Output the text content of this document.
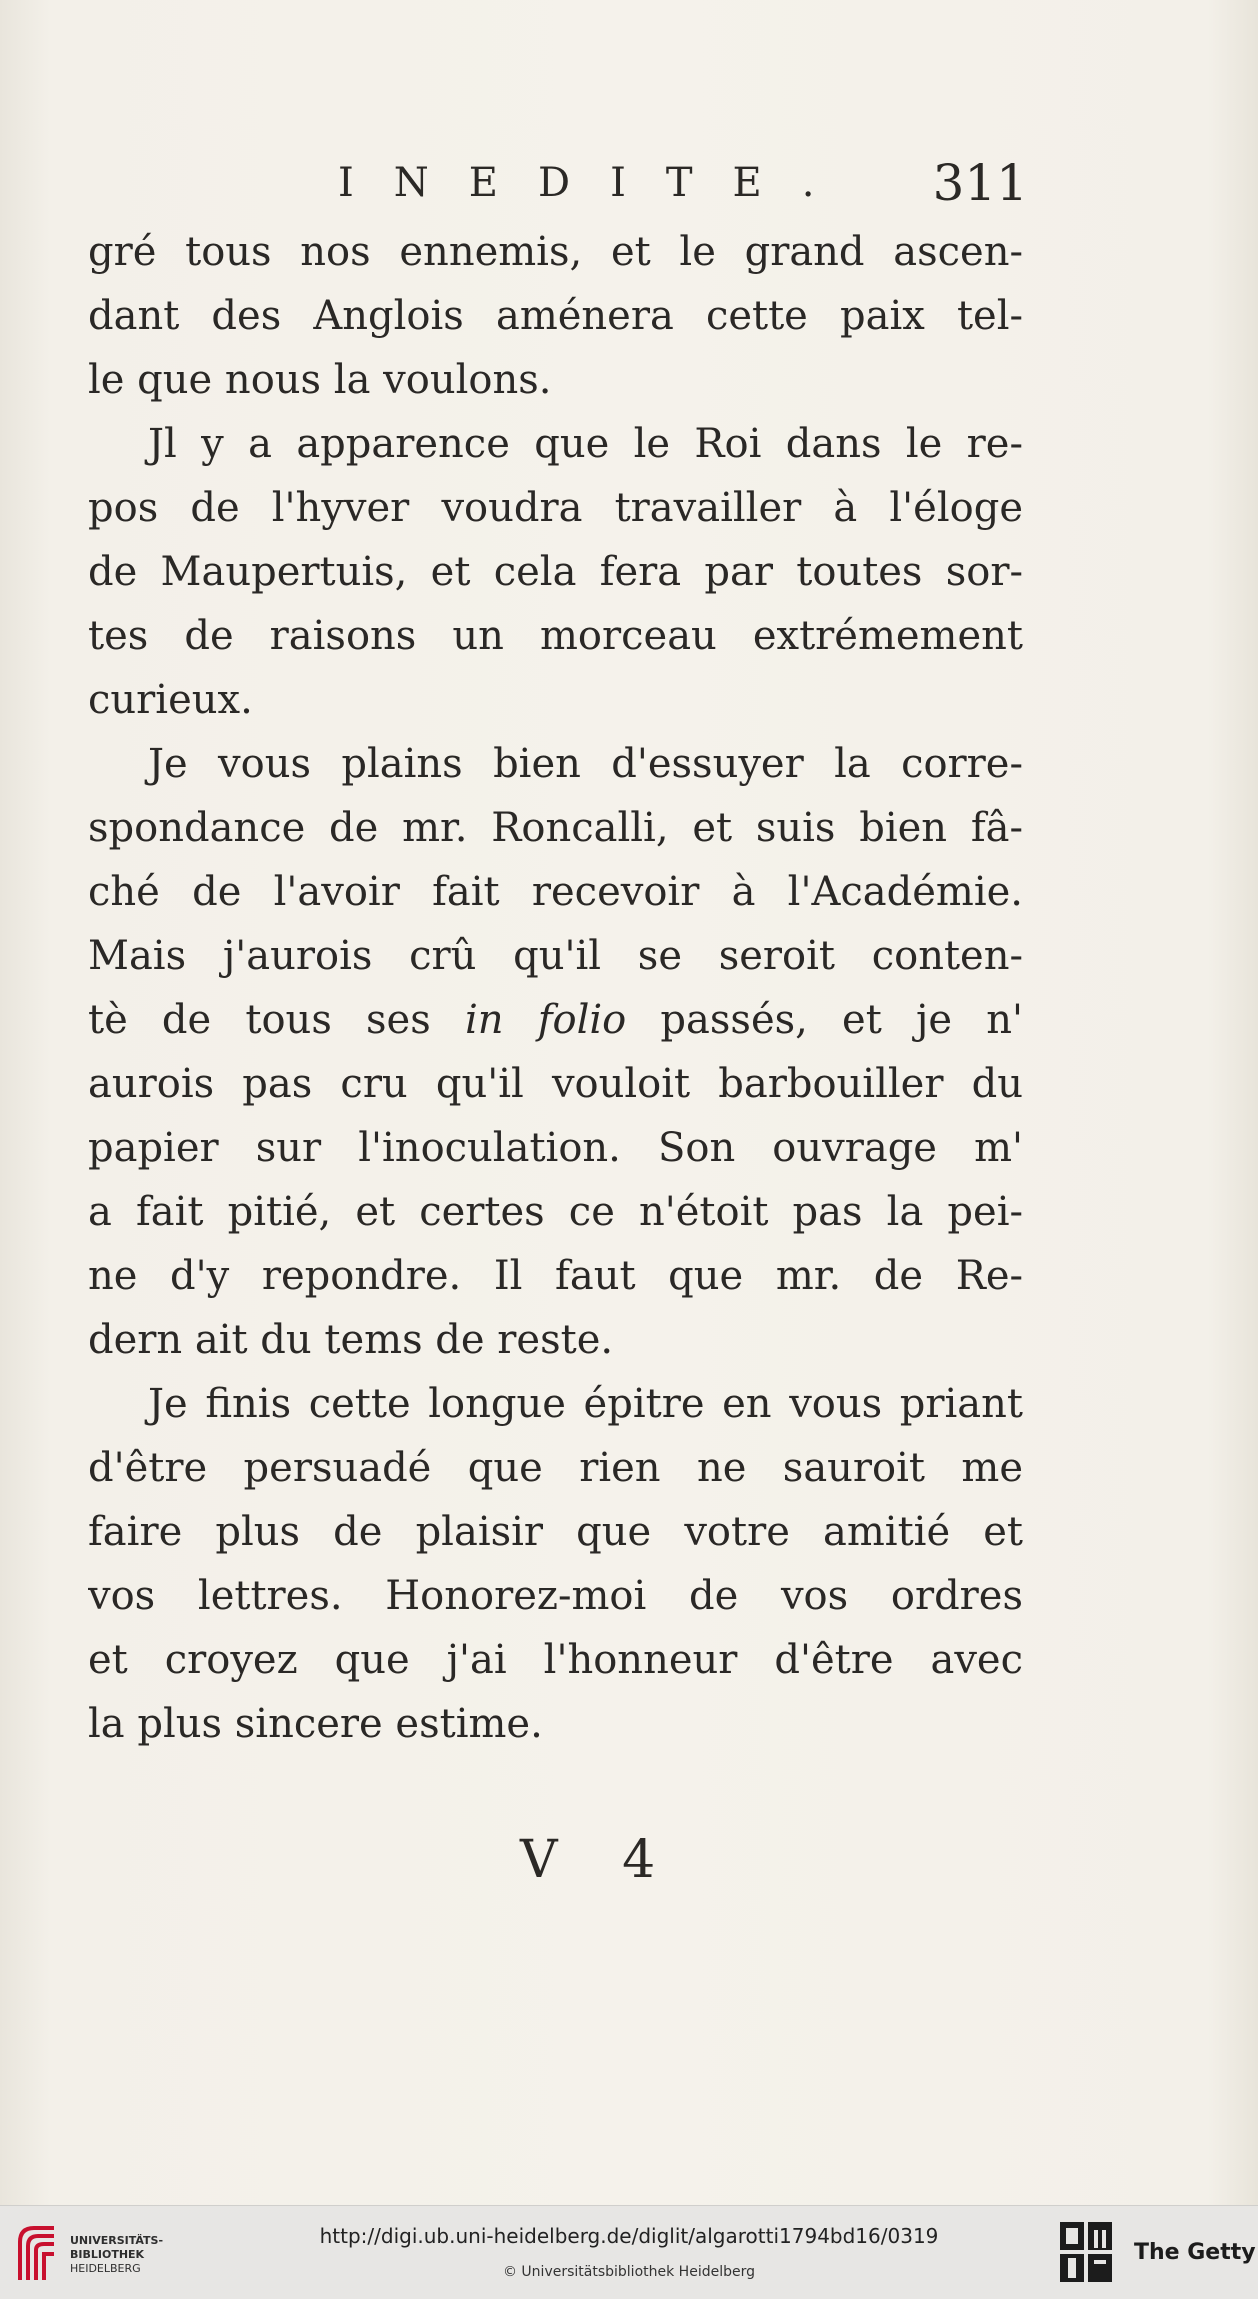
INEDITE. 311
gré tous nos ennemis, et le grand ascen-
dant des Anglois aménera cette paix tel-
le que nous la voulons.
Jl y a apparence que le Roi dans le re-
pos de l'hyver voudra travailler à l'éloge
de Maupertuis, et cela fera par toutes sor-
tes de raisons un morceau extrémement
curieux.
Je vous plains bien d'essuyer la corre-
spondance de mr. Roncalli, et suis bien fâ-
ché de l'avoir fait recevoir à l'Académie.
Mais j'aurois crû qu'il se seroit conten-
tè de tous ses in folio passés, et je n'
aurois pas cru qu'il vouloit barbouiller du
papier sur l'inoculation. Son ouvrage m'
a fait pitié, et certes ce n'étoit pas la pei-
ne d'y repondre. Il faut que mr. de Re-
dern ait du tems de reste.
Je finis cette longue épitre en vous priant
d'être persuadé que rien ne sauroit me
faire plus de plaisir que votre amitié et
vos lettres. Honorez-moi de vos ordres
et croyez que j'ai l'honneur d'être avec
la plus sincere estime.
V 4
UNIVERSITÄTS-
BIBLIOTHEK
HEIDELBERG
http://digi.ub.uni-heidelberg.de/diglit/algarotti1794bd16/0319
© Universitätsbibliothek Heidelberg
The Getty
